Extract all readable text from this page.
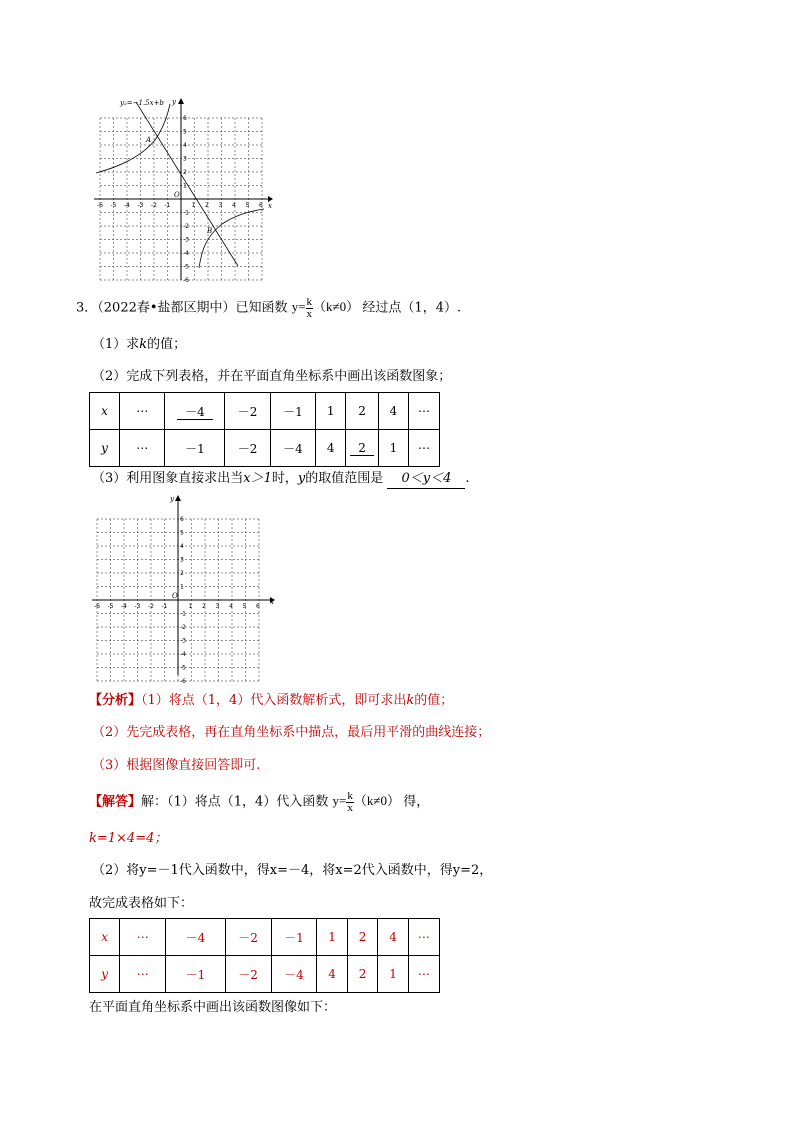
-6 -5 -4 -3 -2 -1	1 2 3 4 5 6
6
5
4
3
2
1
-1
-2
-3
-4
-5
-6
y₂=−1.5x+b y
x
O
A
B
3．（2022春•盐都区期中）已知函数 $y= \frac{k}{x} (k\ne 0)$ 经过点（1，4）.
（1）求k的值；
（2）完成下列表格，并在平面直角坐标系中画出该函数图象；
x	⋯	－4	－2	－1	1	2	4	⋯
y	⋯	－1	－2	－4	4	2	1	⋯
（3）利用图象直接求出当x＞1时，y的取值范围是 0＜y＜4 .
-6 -5 -4 -3 -2 -1	1 2 3 4 5 6
6
5
4
3
2
1
-1
-2
-3
-4
-5
-6
y
x
O
【分析】（1）将点（1，4）代入函数解析式，即可求出k的值；
（2）先完成表格，再在直角坐标系中描点，最后用平滑的曲线连接；
（3）根据图像直接回答即可.
【解答】解：（1）将点（1，4）代入函数 $y= \frac{k}{x} (k\ne 0)$ 得，
k=1×4=4；
（2）将y=－1代入函数中，得x=－4，将x=2代入函数中，得y=2，
故完成表格如下：
x	⋯	－4	－2	－1	1	2	4	⋯
y	⋯	－1	－2	－4	4	2	1	⋯
在平面直角坐标系中画出该函数图像如下：
